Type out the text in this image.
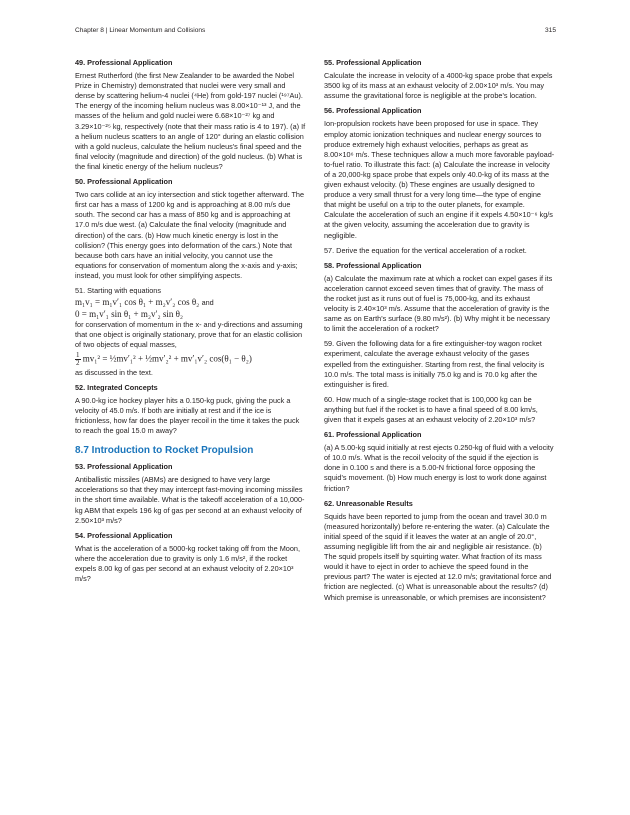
Chapter 8 | Linear Momentum and Collisions	315
49. Professional Application

Ernest Rutherford (the first New Zealander to be awarded the Nobel Prize in Chemistry) demonstrated that nuclei were very small and dense by scattering helium-4 nuclei (⁴He) from gold-197 nuclei (¹⁹⁷Au). The energy of the incoming helium nucleus was 8.00×10⁻¹³ J, and the masses of the helium and gold nuclei were 6.68×10⁻²⁷ kg and 3.29×10⁻²⁵ kg, respectively (note that their mass ratio is 4 to 197). (a) If a helium nucleus scatters to an angle of 120° during an elastic collision with a gold nucleus, calculate the helium nucleus's final speed and the final velocity (magnitude and direction) of the gold nucleus. (b) What is the final kinetic energy of the helium nucleus?

50. Professional Application

Two cars collide at an icy intersection and stick together afterward. The first car has a mass of 1200 kg and is approaching at 8.00 m/s due south. The second car has a mass of 850 kg and is approaching at 17.0 m/s due west. (a) Calculate the final velocity (magnitude and direction) of the cars. (b) How much kinetic energy is lost in the collision? (This energy goes into deformation of the cars.) Note that because both cars have an initial velocity, you cannot use the equations for conservation of momentum along the x-axis and y-axis; instead, you must look for other simplifying aspects.

51. Starting with equations

m₁v₁ = m₁v′₁ cos θ₁ + m₂v′₂ cos θ₂ and
0 = m₁v′₁ sin θ₁ + m₂v′₂ sin θ₂

for conservation of momentum in the x- and y-directions and assuming that one object is originally stationary, prove that for an elastic collision of two objects of equal masses,

$\frac{1}{2} mv_1^2$ = ½mv′₁² + ½mv′₂² + mv′₁v′₂ cos(θ₁ − θ₂)

as discussed in the text.

52. Integrated Concepts

A 90.0-kg ice hockey player hits a 0.150-kg puck, giving the puck a velocity of 45.0 m/s. If both are initially at rest and if the ice is frictionless, how far does the player recoil in the time it takes the puck to reach the goal 15.0 m away?

8.7 Introduction to Rocket Propulsion
53. Professional Application

Antiballistic missiles (ABMs) are designed to have very large accelerations so that they may intercept fast-moving incoming missiles in the short time available. What is the takeoff acceleration of a 10,000-kg ABM that expels 196 kg of gas per second at an exhaust velocity of 2.50×10³ m/s?

54. Professional Application

What is the acceleration of a 5000-kg rocket taking off from the Moon, where the acceleration due to gravity is only 1.6 m/s², if the rocket expels 8.00 kg of gas per second at an exhaust velocity of 2.20×10³ m/s?

55. Professional Application

Calculate the increase in velocity of a 4000-kg space probe that expels 3500 kg of its mass at an exhaust velocity of 2.00×10³ m/s. You may assume the gravitational force is negligible at the probe's location.

56. Professional Application

Ion-propulsion rockets have been proposed for use in space. They employ atomic ionization techniques and nuclear energy sources to produce extremely high exhaust velocities, perhaps as great as 8.00×10⁶ m/s. These techniques allow a much more favorable payload-to-fuel ratio. To illustrate this fact: (a) Calculate the increase in velocity of a 20,000-kg space probe that expels only 40.0-kg of its mass at the given exhaust velocity. (b) These engines are usually designed to produce a very small thrust for a very long time—the type of engine that might be useful on a trip to the outer planets, for example. Calculate the acceleration of such an engine if it expels 4.50×10⁻⁶ kg/s at the given velocity, assuming the acceleration due to gravity is negligible.

57. Derive the equation for the vertical acceleration of a rocket.

58. Professional Application

(a) Calculate the maximum rate at which a rocket can expel gases if its acceleration cannot exceed seven times that of gravity. The mass of the rocket just as it runs out of fuel is 75,000-kg, and its exhaust velocity is 2.40×10³ m/s. Assume that the acceleration of gravity is the same as on Earth's surface (9.80 m/s²). (b) Why might it be necessary to limit the acceleration of a rocket?

59. Given the following data for a fire extinguisher-toy wagon rocket experiment, calculate the average exhaust velocity of the gases expelled from the extinguisher. Starting from rest, the final velocity is 10.0 m/s. The total mass is initially 75.0 kg and is 70.0 kg after the extinguisher is fired.

60. How much of a single-stage rocket that is 100,000 kg can be anything but fuel if the rocket is to have a final speed of 8.00 km/s, given that it expels gases at an exhaust velocity of 2.20×10³ m/s?

61. Professional Application

(a) A 5.00-kg squid initially at rest ejects 0.250-kg of fluid with a velocity of 10.0 m/s. What is the recoil velocity of the squid if the ejection is done in 0.100 s and there is a 5.00-N frictional force opposing the squid's movement. (b) How much energy is lost to work done against friction?

62. Unreasonable Results

Squids have been reported to jump from the ocean and travel 30.0 m (measured horizontally) before re-entering the water. (a) Calculate the initial speed of the squid if it leaves the water at an angle of 20.0°, assuming negligible lift from the air and negligible air resistance. (b) The squid propels itself by squirting water. What fraction of its mass would it have to eject in order to achieve the speed found in the previous part? The water is ejected at 12.0 m/s; gravitational force and friction are neglected. (c) What is unreasonable about the results? (d) Which premise is unreasonable, or which premises are inconsistent?
